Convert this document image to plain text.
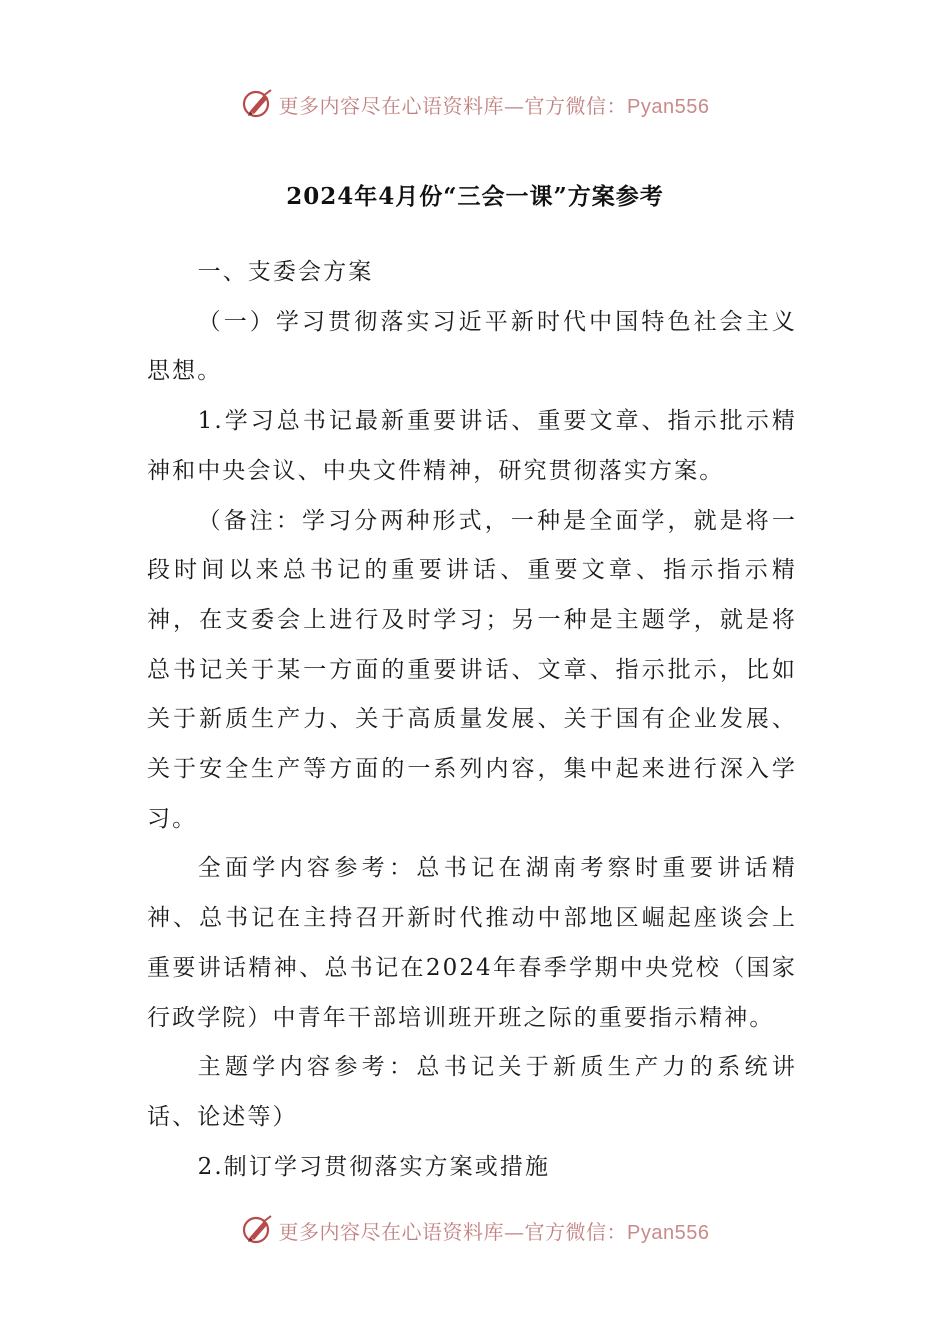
更多内容尽在心语资料库—官方微信：Pyan556
2024年4月份“三会一课”方案参考

一、支委会方案

（一）学习贯彻落实习近平新时代中国特色社会主义思想。

1.学习总书记最新重要讲话、重要文章、指示批示精神和中央会议、中央文件精神，研究贯彻落实方案。

（备注：学习分两种形式，一种是全面学，就是将一段时间以来总书记的重要讲话、重要文章、指示指示精神，在支委会上进行及时学习；另一种是主题学，就是将总书记关于某一方面的重要讲话、文章、指示批示，比如关于新质生产力、关于高质量发展、关于国有企业发展、关于安全生产等方面的一系列内容，集中起来进行深入学习。

全面学内容参考：总书记在湖南考察时重要讲话精神、总书记在主持召开新时代推动中部地区崛起座谈会上重要讲话精神、总书记在2024年春季学期中央党校（国家行政学院）中青年干部培训班开班之际的重要指示精神。

主题学内容参考：总书记关于新质生产力的系统讲话、论述等）

2.制订学习贯彻落实方案或措施

更多内容尽在心语资料库—官方微信：Pyan556
